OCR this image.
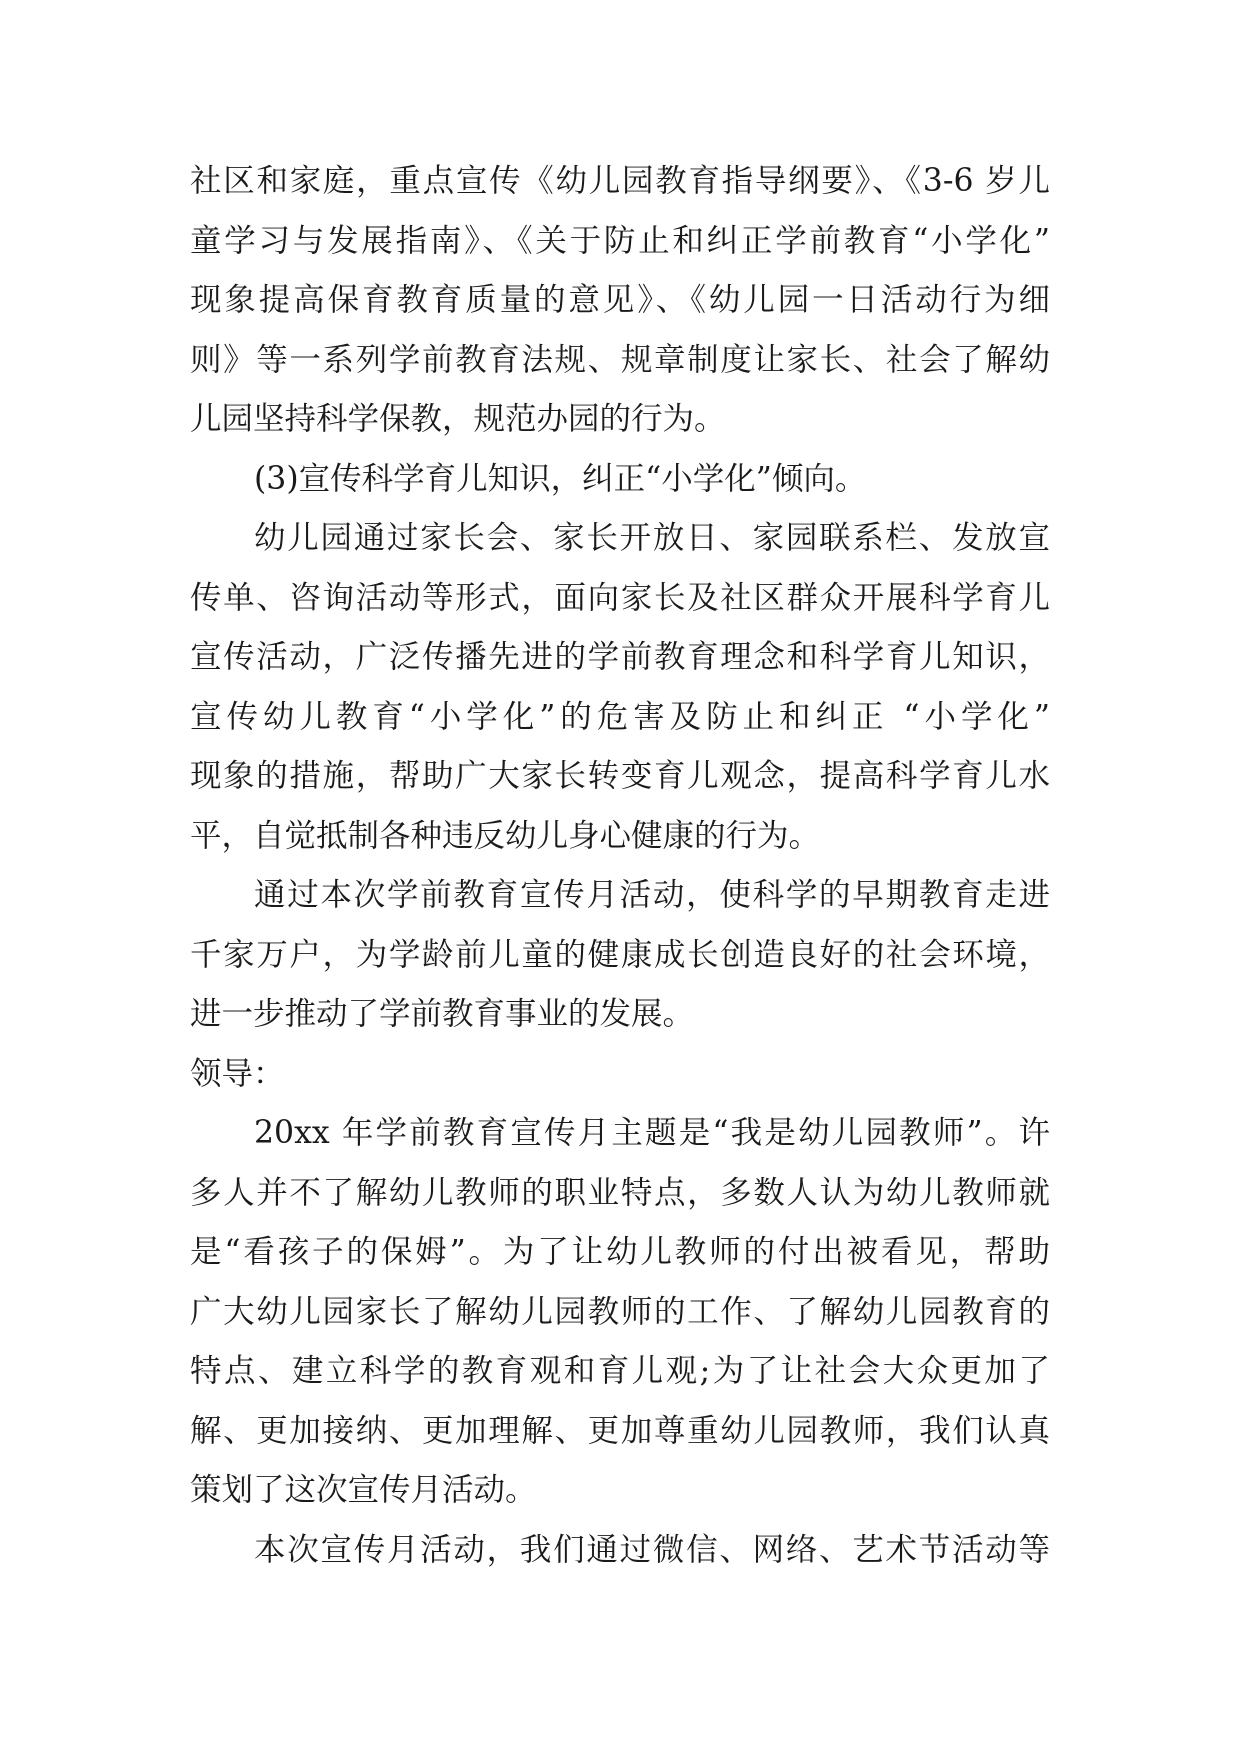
社区和家庭，重点宣传《幼儿园教育指导纲要》、《3-6 岁儿
童学习与发展指南》、《关于防止和纠正学前教育“小学化”
现象提高保育教育质量的意见》、《幼儿园一日活动行为细
则》等一系列学前教育法规、规章制度让家长、社会了解幼
儿园坚持科学保教，规范办园的行为。
(3)宣传科学育儿知识，纠正“小学化”倾向。
幼儿园通过家长会、家长开放日、家园联系栏、发放宣
传单、咨询活动等形式，面向家长及社区群众开展科学育儿
宣传活动，广泛传播先进的学前教育理念和科学育儿知识，
宣传幼儿教育“小学化”的危害及防止和纠正 “小学化”
现象的措施，帮助广大家长转变育儿观念，提高科学育儿水
平，自觉抵制各种违反幼儿身心健康的行为。
通过本次学前教育宣传月活动，使科学的早期教育走进
千家万户，为学龄前儿童的健康成长创造良好的社会环境，
进一步推动了学前教育事业的发展。
领导：
20xx 年学前教育宣传月主题是“我是幼儿园教师”。许
多人并不了解幼儿教师的职业特点，多数人认为幼儿教师就
是“看孩子的保姆”。为了让幼儿教师的付出被看见，帮助
广大幼儿园家长了解幼儿园教师的工作、了解幼儿园教育的
特点、建立科学的教育观和育儿观;为了让社会大众更加了
解、更加接纳、更加理解、更加尊重幼儿园教师，我们认真
策划了这次宣传月活动。
本次宣传月活动，我们通过微信、网络、艺术节活动等
